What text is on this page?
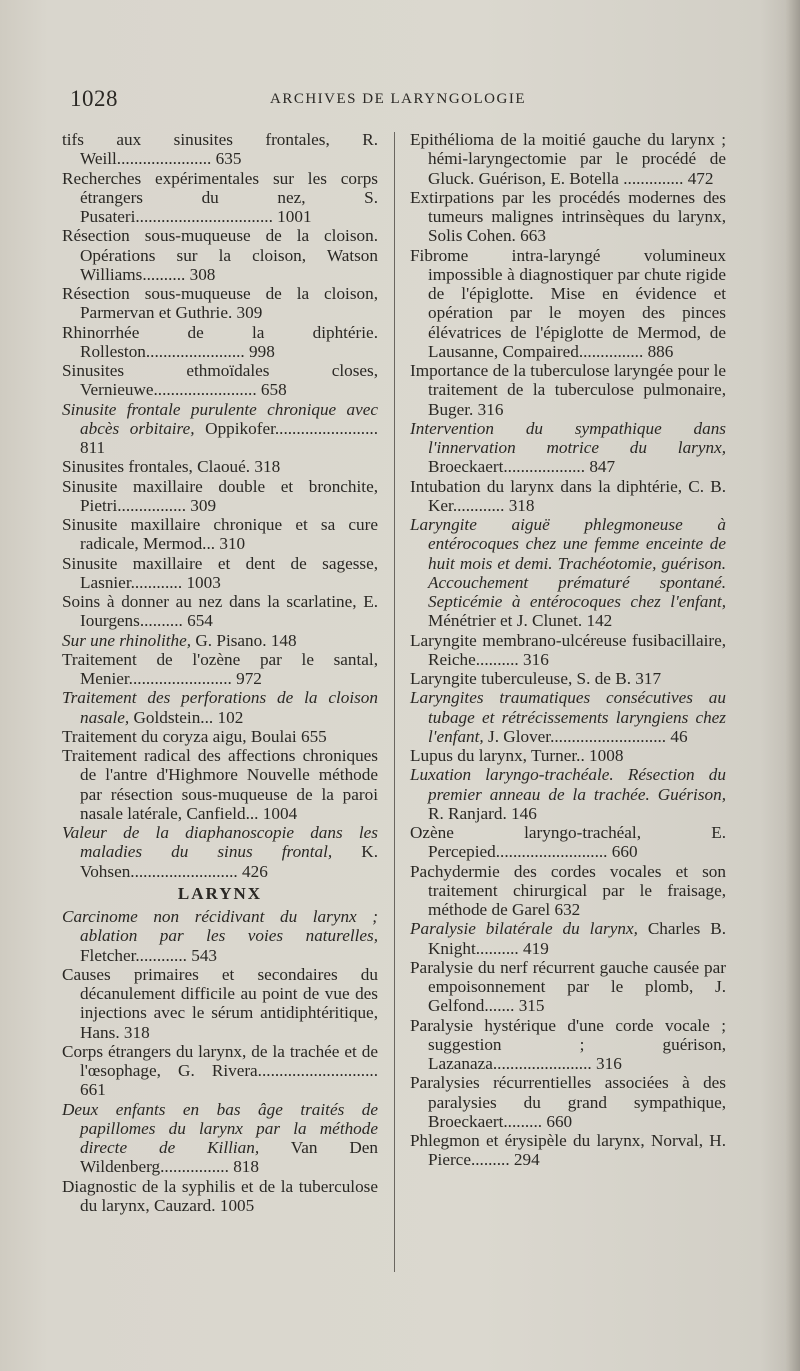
1028	ARCHIVES DE LARYNGOLOGIE

tifs aux sinusites frontales, R. Weill...................... 635

Recherches expérimentales sur les corps étrangers du nez, S. Pusateri................................ 1001

Résection sous-muqueuse de la cloison. Opérations sur la cloison, Watson Williams.......... 308

Résection sous-muqueuse de la cloison, Parmervan et Guthrie. 309

Rhinorrhée de la diphtérie. Rolleston....................... 998

Sinusites ethmoïdales closes, Vernieuwe........................ 658

Sinusite frontale purulente chronique avec abcès orbitaire, Oppikofer........................ 811

Sinusites frontales, Claoué. 318

Sinusite maxillaire double et bronchite, Pietri................ 309

Sinusite maxillaire chronique et sa cure radicale, Mermod... 310

Sinusite maxillaire et dent de sagesse, Lasnier............ 1003

Soins à donner au nez dans la scarlatine, E. Iourgens.......... 654

Sur une rhinolithe, G. Pisano. 148

Traitement de l'ozène par le santal, Menier........................ 972

Traitement des perforations de la cloison nasale, Goldstein... 102

Traitement du coryza aigu, Boulai 655

Traitement radical des affections chroniques de l'antre d'Highmore Nouvelle méthode par résection sous-muqueuse de la paroi nasale latérale, Canfield... 1004

Valeur de la diaphanoscopie dans les maladies du sinus frontal, K. Vohsen......................... 426

LARYNX

Carcinome non récidivant du larynx ; ablation par les voies naturelles, Fletcher............ 543

Causes primaires et secondaires du décanulement difficile au point de vue des injections avec le sérum antidiphtéritique, Hans. 318

Corps étrangers du larynx, de la trachée et de l'œsophage, G. Rivera............................ 661

Deux enfants en bas âge traités de papillomes du larynx par la méthode directe de Killian, Van Den Wildenberg................ 818

Diagnostic de la syphilis et de la tuberculose du larynx, Cauzard. 1005

Epithélioma de la moitié gauche du larynx ; hémi-laryngectomie par le procédé de Gluck. Guérison, E. Botella .............. 472

Extirpations par les procédés modernes des tumeurs malignes intrinsèques du larynx, Solis Cohen. 663

Fibrome intra-laryngé volumineux impossible à diagnostiquer par chute rigide de l'épiglotte. Mise en évidence et opération par le moyen des pinces élévatrices de l'épiglotte de Mermod, de Lausanne, Compaired............... 886

Importance de la tuberculose laryngée pour le traitement de la tuberculose pulmonaire, Buger. 316

Intervention du sympathique dans l'innervation motrice du larynx, Broeckaert................... 847

Intubation du larynx dans la diphtérie, C. B. Ker............ 318

Laryngite aiguë phlegmoneuse à entérocoques chez une femme enceinte de huit mois et demi. Trachéotomie, guérison. Accouchement prématuré spontané. Septicémie à entérocoques chez l'enfant, Ménétrier et J. Clunet. 142

Laryngite membrano-ulcéreuse fusibacillaire, Reiche.......... 316

Laryngite tuberculeuse, S. de B. 317

Laryngites traumatiques consécutives au tubage et rétrécissements laryngiens chez l'enfant, J. Glover........................... 46

Lupus du larynx, Turner.. 1008

Luxation laryngo-trachéale. Résection du premier anneau de la trachée. Guérison, R. Ranjard. 146

Ozène laryngo-trachéal, E. Percepied.......................... 660

Pachydermie des cordes vocales et son traitement chirurgical par le fraisage, méthode de Garel 632

Paralysie bilatérale du larynx, Charles B. Knight.......... 419

Paralysie du nerf récurrent gauche causée par empoisonnement par le plomb, J. Gelfond....... 315

Paralysie hystérique d'une corde vocale ; suggestion ; guérison, Lazanaza....................... 316

Paralysies récurrentielles associées à des paralysies du grand sympathique, Broeckaert......... 660

Phlegmon et érysipèle du larynx, Norval, H. Pierce......... 294
